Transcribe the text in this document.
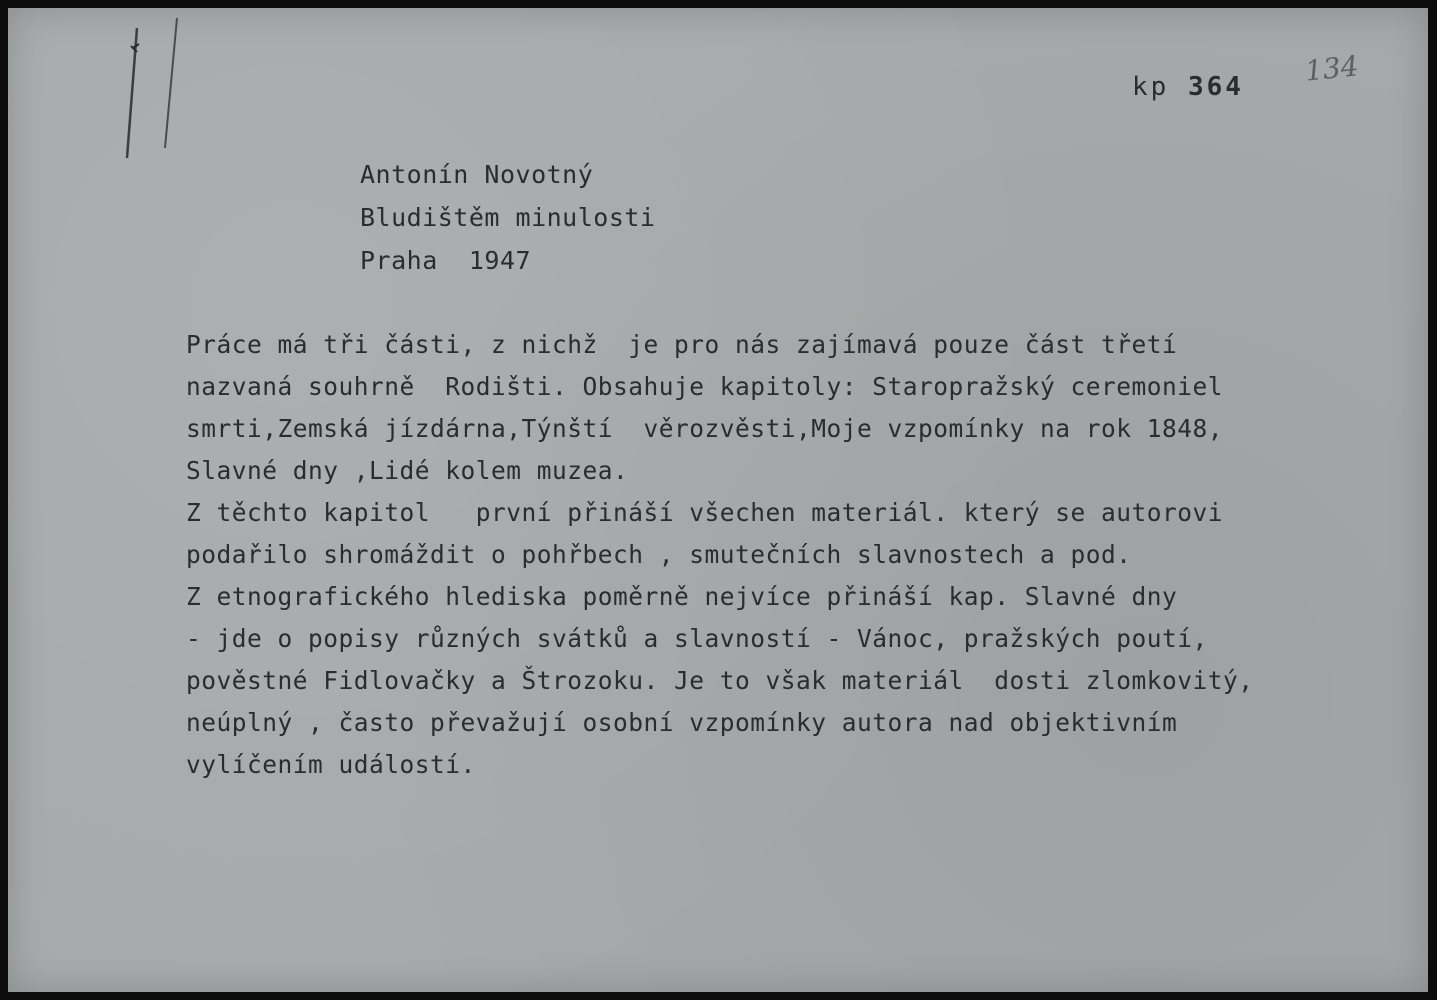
kp 364 134

Antonín Novotný

Bludištěm minulosti

Praha  1947

Práce má tři části, z nichž  je pro nás zajímavá pouze část třetí

nazvaná souhrně  Rodišti. Obsahuje kapitoly: Staropražský ceremoniel

smrti,Zemská jízdárna,Týnští  věrozvěsti,Moje vzpomínky na rok 1848,

Slavné dny ,Lidé kolem muzea.

Z těchto kapitol   první přináší všechen materiál. který se autorovi

podařilo shromáždit o pohřbech , smutečních slavnostech a pod.

Z etnografického hlediska poměrně nejvíce přináší kap. Slavné dny

- jde o popisy různých svátků a slavností - Vánoc, pražských poutí,

pověstné Fidlovačky a Štrozoku. Je to však materiál  dosti zlomkovitý,

neúplný , často převažují osobní vzpomínky autora nad objektivním

vylíčením událostí.
